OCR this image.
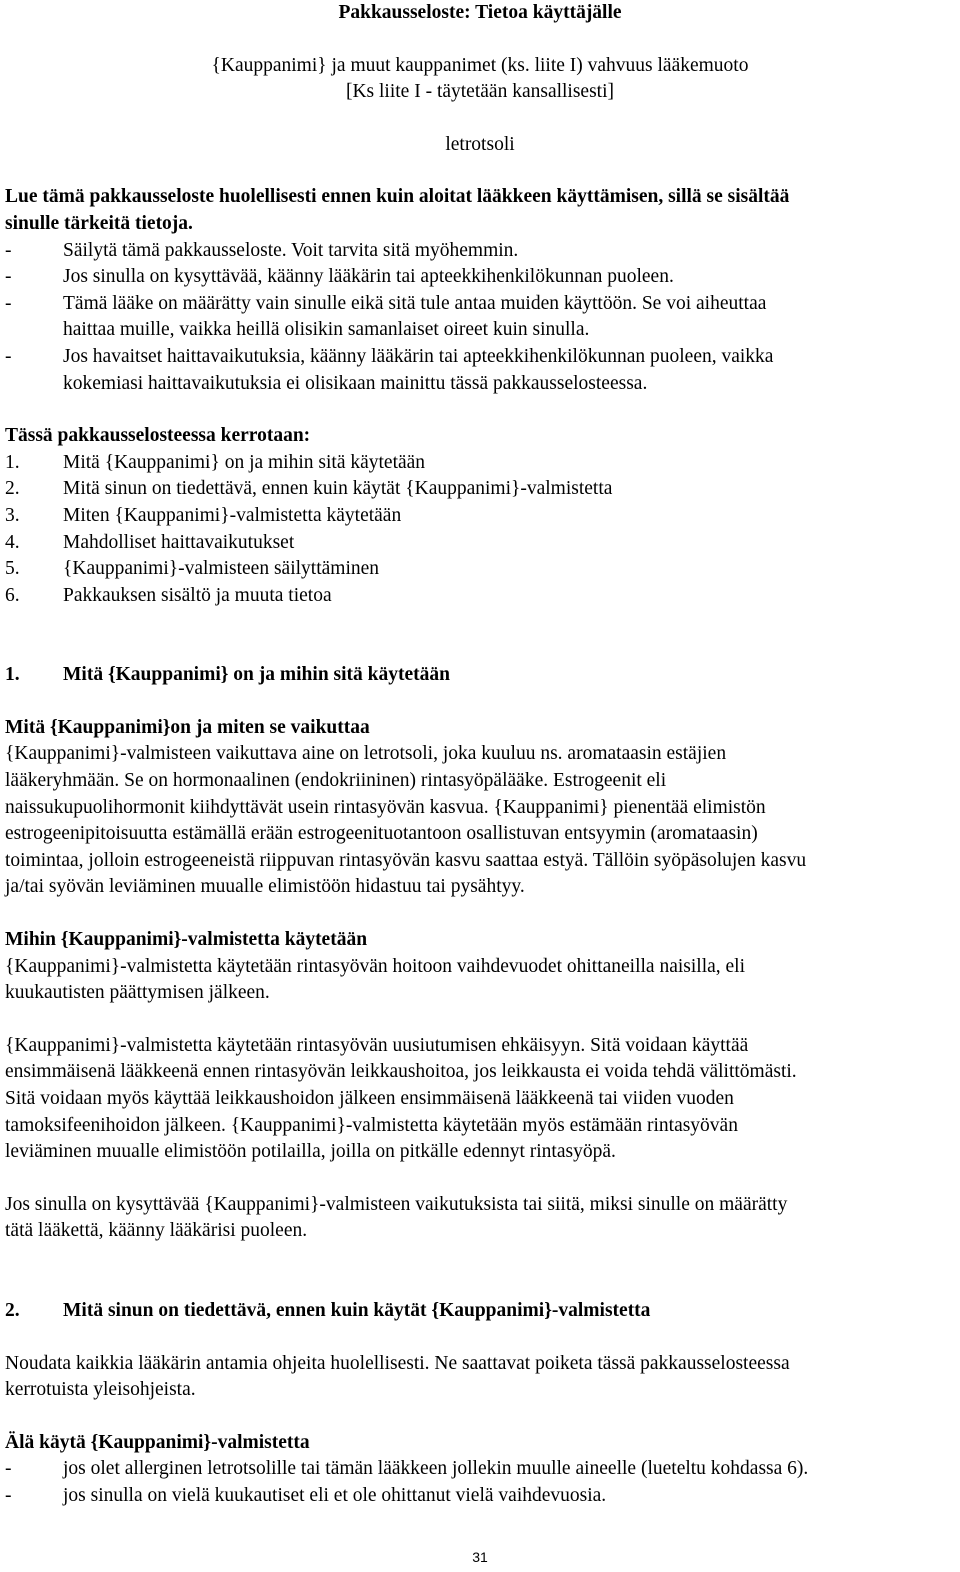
Pakkausseloste: Tietoa käyttäjälle

{Kauppanimi} ja muut kauppanimet (ks. liite I) vahvuus lääkemuoto

[Ks liite I - täytetään kansallisesti]

letrotsoli

Lue tämä pakkausseloste huolellisesti ennen kuin aloitat lääkkeen käyttämisen, sillä se sisältää

sinulle tärkeitä tietoja.

-	Säilytä tämä pakkausseloste. Voit tarvita sitä myöhemmin.
-	Jos sinulla on kysyttävää, käänny lääkärin tai apteekkihenkilökunnan puoleen.
-	Tämä lääke on määrätty vain sinulle eikä sitä tule antaa muiden käyttöön. Se voi aiheuttaa
haittaa muille, vaikka heillä olisikin samanlaiset oireet kuin sinulla.
-	Jos havaitset haittavaikutuksia, käänny lääkärin tai apteekkihenkilökunnan puoleen, vaikka
kokemiasi haittavaikutuksia ei olisikaan mainittu tässä pakkausselosteessa.

Tässä pakkausselosteessa kerrotaan:

1.	Mitä {Kauppanimi} on ja mihin sitä käytetään
2.	Mitä sinun on tiedettävä, ennen kuin käytät {Kauppanimi}-valmistetta
3.	Miten {Kauppanimi}-valmistetta käytetään
4.	Mahdolliset haittavaikutukset
5.	{Kauppanimi}-valmisteen säilyttäminen
6.	Pakkauksen sisältö ja muuta tietoa
1.	Mitä {Kauppanimi} on ja mihin sitä käytetään

Mitä {Kauppanimi}on ja miten se vaikuttaa

{Kauppanimi}-valmisteen vaikuttava aine on letrotsoli, joka kuuluu ns. aromataasin estäjien

lääkeryhmään. Se on hormonaalinen (endokriininen) rintasyöpälääke. Estrogeenit eli

naissukupuolihormonit kiihdyttävät usein rintasyövän kasvua. {Kauppanimi} pienentää elimistön

estrogeenipitoisuutta estämällä erään estrogeenituotantoon osallistuvan entsyymin (aromataasin)

toimintaa, jolloin estrogeeneistä riippuvan rintasyövän kasvu saattaa estyä. Tällöin syöpäsolujen kasvu

ja/tai syövän leviäminen muualle elimistöön hidastuu tai pysähtyy.

Mihin {Kauppanimi}-valmistetta käytetään

{Kauppanimi}-valmistetta käytetään rintasyövän hoitoon vaihdevuodet ohittaneilla naisilla, eli

kuukautisten päättymisen jälkeen.

{Kauppanimi}-valmistetta käytetään rintasyövän uusiutumisen ehkäisyyn. Sitä voidaan käyttää

ensimmäisenä lääkkeenä ennen rintasyövän leikkaushoitoa, jos leikkausta ei voida tehdä välittömästi.

Sitä voidaan myös käyttää leikkaushoidon jälkeen ensimmäisenä lääkkeenä tai viiden vuoden

tamoksifeenihoidon jälkeen. {Kauppanimi}-valmistetta käytetään myös estämään rintasyövän

leviäminen muualle elimistöön potilailla, joilla on pitkälle edennyt rintasyöpä.

Jos sinulla on kysyttävää {Kauppanimi}-valmisteen vaikutuksista tai siitä, miksi sinulle on määrätty

tätä lääkettä, käänny lääkärisi puoleen.

2.	Mitä sinun on tiedettävä, ennen kuin käytät {Kauppanimi}-valmistetta

Noudata kaikkia lääkärin antamia ohjeita huolellisesti. Ne saattavat poiketa tässä pakkausselosteessa

kerrotuista yleisohjeista.

Älä käytä {Kauppanimi}-valmistetta

-	jos olet allerginen letrotsolille tai tämän lääkkeen jollekin muulle aineelle (lueteltu kohdassa 6).
-	jos sinulla on vielä kuukautiset eli et ole ohittanut vielä vaihdevuosia.
31
